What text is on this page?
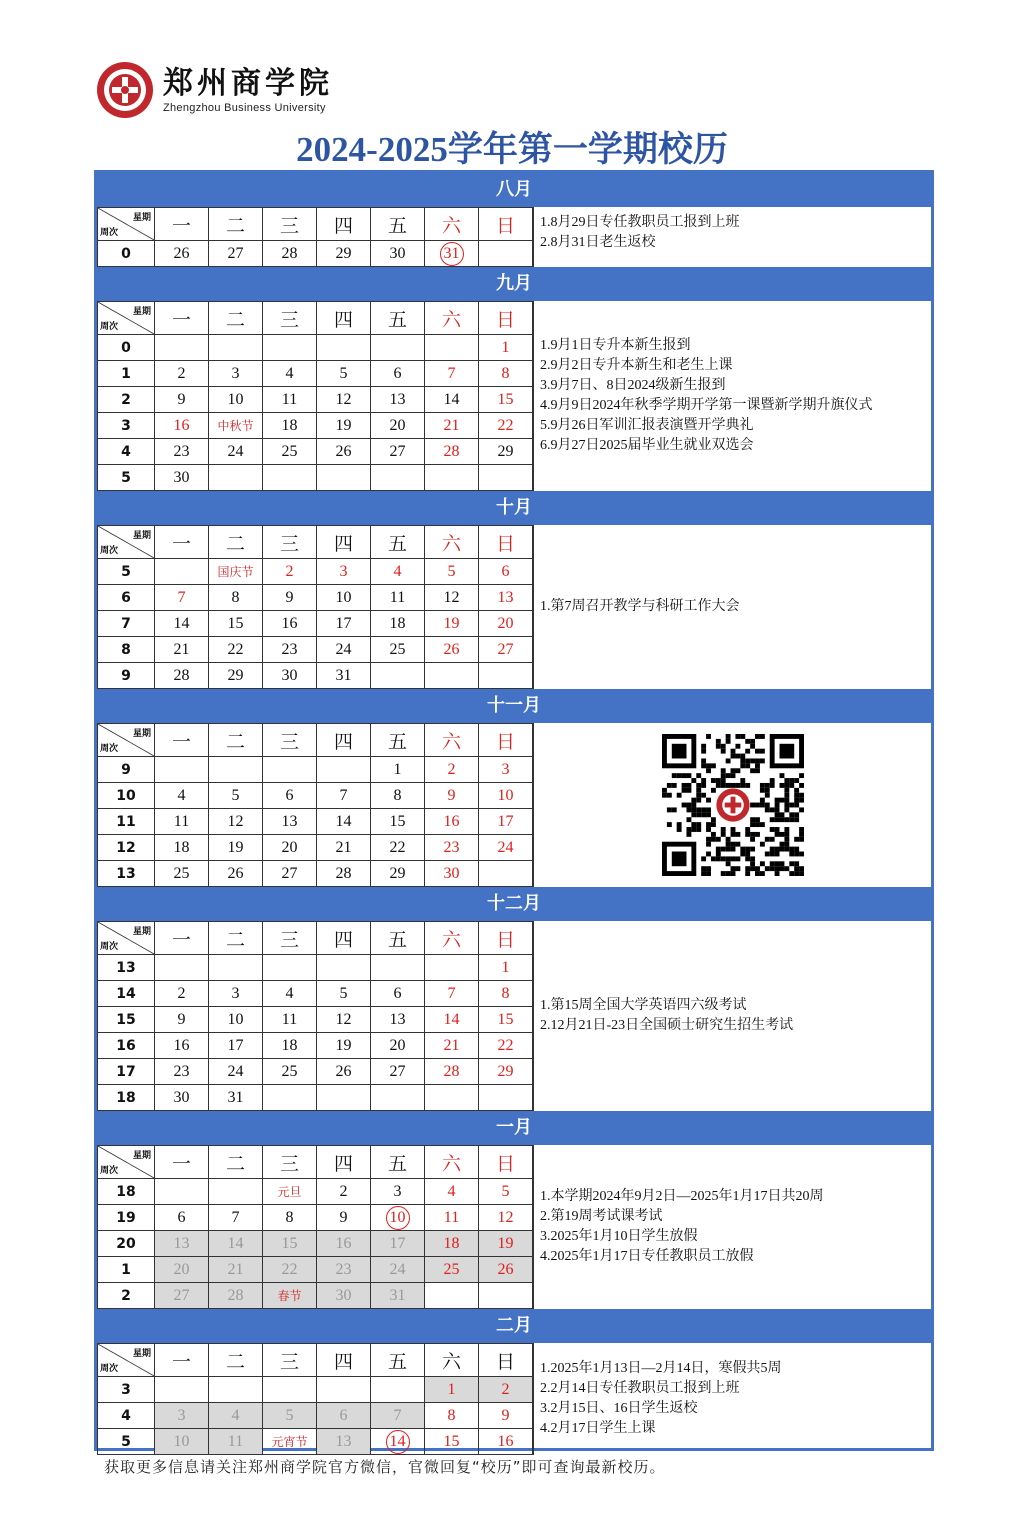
郑州商学院
Zhengzhou Business University
2024-2025学年第一学期校历
八月
星期
周次	一	二	三	四	五	六	日
0	26	27	28	29	30	31	
1.8月29日专任教职员工报到上班
2.8月31日老生返校
九月
星期
周次	一	二	三	四	五	六	日
0							1
1	2	3	4	5	6	7	8
2	9	10	11	12	13	14	15
3	16	中秋节	18	19	20	21	22
4	23	24	25	26	27	28	29
5	30						
1.9月1日专升本新生报到
2.9月2日专升本新生和老生上课
3.9月7日、8日2024级新生报到
4.9月9日2024年秋季学期开学第一课暨新学期升旗仪式
5.9月26日军训汇报表演暨开学典礼
6.9月27日2025届毕业生就业双选会
十月
星期
周次	一	二	三	四	五	六	日
5		国庆节	2	3	4	5	6
6	7	8	9	10	11	12	13
7	14	15	16	17	18	19	20
8	21	22	23	24	25	26	27
9	28	29	30	31			
1.第7周召开教学与科研工作大会
十一月
星期
周次	一	二	三	四	五	六	日
9					1	2	3
10	4	5	6	7	8	9	10
11	11	12	13	14	15	16	17
12	18	19	20	21	22	23	24
13	25	26	27	28	29	30	
十二月
星期
周次	一	二	三	四	五	六	日
13							1
14	2	3	4	5	6	7	8
15	9	10	11	12	13	14	15
16	16	17	18	19	20	21	22
17	23	24	25	26	27	28	29
18	30	31					
1.第15周全国大学英语四六级考试
2.12月21日-23日全国硕士研究生招生考试
一月
星期
周次	一	二	三	四	五	六	日
18			元旦	2	3	4	5
19	6	7	8	9	10	11	12
20	13	14	15	16	17	18	19
1	20	21	22	23	24	25	26
2	27	28	春节	30	31		
1.本学期2024年9月2日—2025年1月17日共20周
2.第19周考试课考试
3.2025年1月10日学生放假
4.2025年1月17日专任教职员工放假
二月
星期
周次	一	二	三	四	五	六	日
3						1	2
4	3	4	5	6	7	8	9
5	10	11	元宵节	13	14	15	16
1.2025年1月13日—2月14日，寒假共5周
2.2月14日专任教职员工报到上班
3.2月15日、16日学生返校
4.2月17日学生上课
获取更多信息请关注郑州商学院官方微信，官微回复“校历”即可查询最新校历。
